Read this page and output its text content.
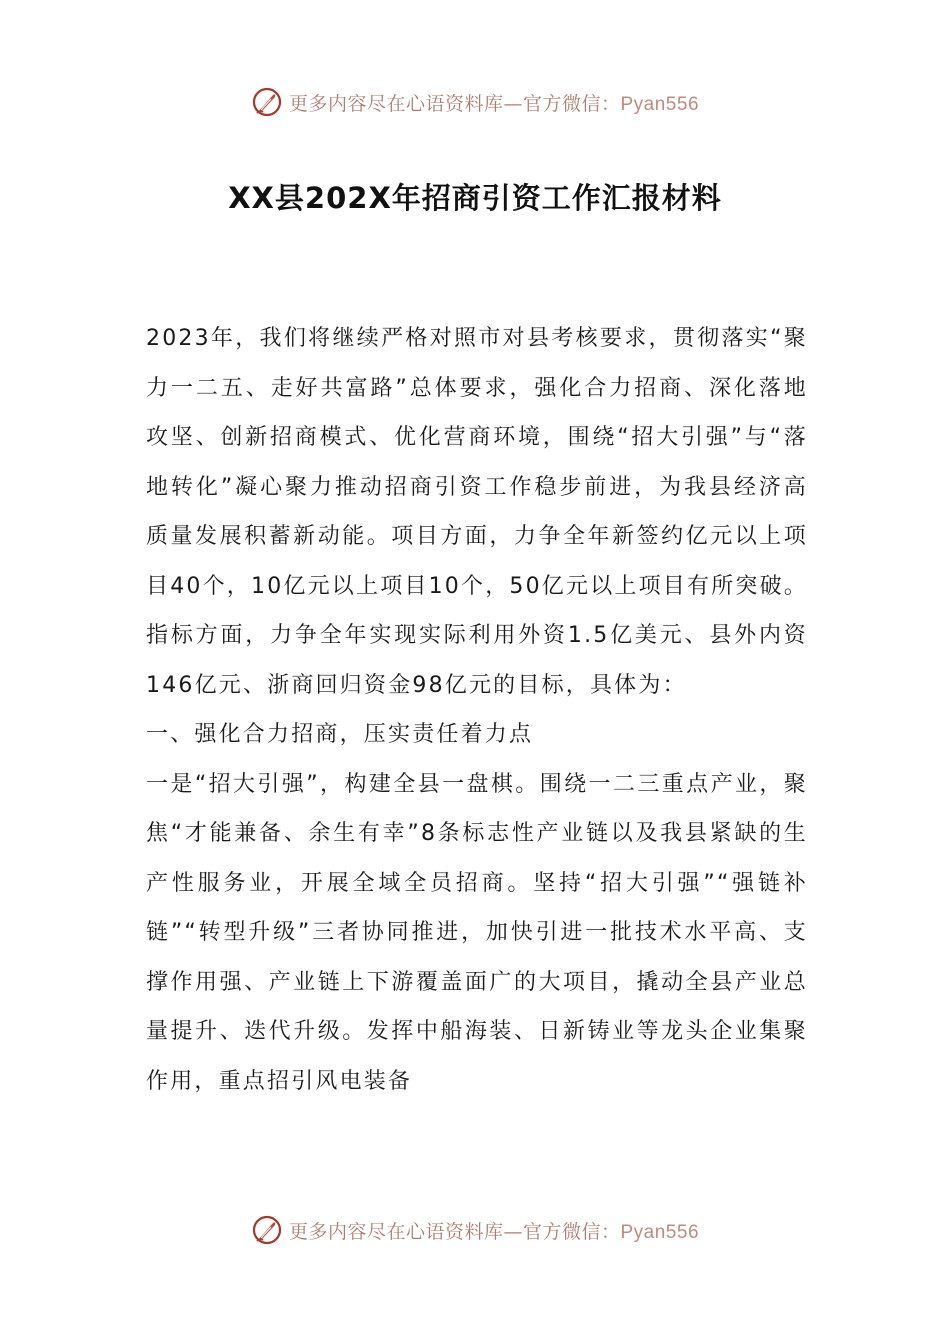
更多内容尽在心语资料库—官方微信：Pyan556
XX县202X年招商引资工作汇报材料

2023年，我们将继续严格对照市对县考核要求，贯彻落实“聚力一二五、走好共富路”总体要求，强化合力招商、深化落地攻坚、创新招商模式、优化营商环境，围绕“招大引强”与“落地转化”凝心聚力推动招商引资工作稳步前进，为我县经济高质量发展积蓄新动能。项目方面，力争全年新签约亿元以上项目40个，10亿元以上项目10个，50亿元以上项目有所突破。指标方面，力争全年实现实际利用外资1.5亿美元、县外内资146亿元、浙商回归资金98亿元的目标，具体为：

一、强化合力招商，压实责任着力点

一是“招大引强”，构建全县一盘棋。围绕一二三重点产业，聚焦“才能兼备、余生有幸”8条标志性产业链以及我县紧缺的生产性服务业，开展全域全员招商。坚持“招大引强”“强链补链”“转型升级”三者协同推进，加快引进一批技术水平高、支撑作用强、产业链上下游覆盖面广的大项目，撬动全县产业总量提升、迭代升级。发挥中船海装、日新铸业等龙头企业集聚作用，重点招引风电装备

更多内容尽在心语资料库—官方微信：Pyan556
